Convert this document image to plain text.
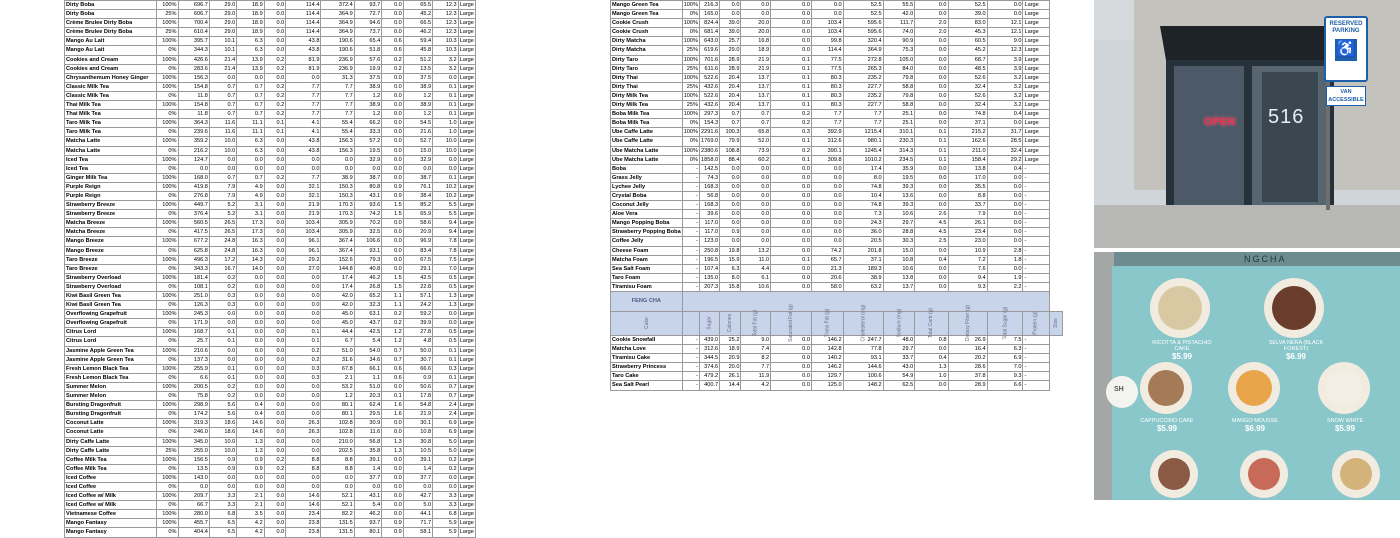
Dirty Boba	100%	696.7	29.0	18.9	0.0	114.4	372.4	93.7	0.0	65.5	12.3	Large
Dirty Boba	25%	606.7	29.0	18.9	0.0	114.4	364.9	72.7	0.0	45.2	12.3	Large
Crème Brulee Dirty Boba	100%	700.4	29.0	18.9	0.0	114.4	364.9	94.6	0.0	66.5	12.3	Large
Crème Brulee Dirty Boba	25%	610.4	29.0	18.9	0.0	114.4	364.9	73.7	0.0	46.2	12.3	Large
Mango Au Lait	100%	395.7	10.1	6.3	0.0	43.8	190.6	65.4	0.6	59.4	10.3	Large
Mango Au Lait	0%	344.3	10.1	6.3	0.0	43.8	190.6	51.8	0.6	45.8	10.3	Large
Cookies and Cream	100%	426.6	21.4	13.9	0.2	81.9	236.9	57.6	0.2	51.2	3.2	Large
Cookies and Cream	0%	283.6	21.4	13.9	0.2	81.9	236.9	19.9	0.2	13.5	3.2	Large
Chrysanthemum Honey Ginger	100%	156.3	0.0	0.0	0.0	0.0	31.3	37.5	0.0	37.5	0.0	Large
Classic Milk Tea	100%	154.8	0.7	0.7	0.2	7.7	7.7	38.9	0.0	38.9	0.1	Large
Classic Milk Tea	0%	11.8	0.7	0.7	0.2	7.7	7.7	1.2	0.0	1.2	0.1	Large
Thai Milk Tea	100%	154.8	0.7	0.7	0.2	7.7	7.7	38.9	0.0	38.9	0.1	Large
Thai Milk Tea	0%	11.8	0.7	0.7	0.2	7.7	7.7	1.2	0.0	1.2	0.1	Large
Taro Milk Tea	100%	364.3	11.6	11.1	0.1	4.1	55.4	66.2	0.0	54.5	1.0	Large
Taro Milk Tea	0%	239.6	11.6	11.1	0.1	4.1	55.4	33.3	0.0	21.6	1.0	Large
Matcha Latte	100%	359.2	10.0	6.3	0.0	43.8	156.3	57.2	0.0	52.7	10.0	Large
Matcha Latte	0%	216.2	10.0	6.3	0.0	43.8	156.3	19.5	0.0	15.0	10.0	Large
Iced Tea	100%	124.7	0.0	0.0	0.0	0.0	0.0	32.9	0.0	32.9	0.0	Large
Iced Tea	0%	0.0	0.0	0.0	0.0	0.0	0.0	0.0	0.0	0.0	0.0	Large
Ginger Milk Tea	100%	168.0	0.7	0.7	0.2	7.7	38.9	38.7	0.0	38.7	0.1	Large
Purple Reign	100%	419.8	7.9	4.9	0.0	32.1	150.3	80.8	0.9	76.1	10.2	Large
Purple Reign	0%	276.8	7.9	4.9	0.0	32.1	150.3	43.1	0.9	38.4	10.2	Large
Strawberry Breeze	100%	449.7	5.2	3.1	0.0	21.9	170.3	93.6	1.5	85.2	5.5	Large
Strawberry Breeze	0%	376.4	5.2	3.1	0.0	21.9	170.3	74.2	1.5	65.9	5.5	Large
Matcha Breeze	100%	560.5	26.5	17.3	0.0	103.4	305.9	70.2	0.0	58.6	9.4	Large
Matcha Breeze	0%	417.5	26.5	17.3	0.0	103.4	305.9	32.5	0.0	20.9	9.4	Large
Mango Breeze	100%	677.2	24.8	16.3	0.0	96.1	367.4	106.6	0.0	96.9	7.8	Large
Mango Breeze	0%	625.8	24.8	16.3	0.0	96.1	367.4	93.1	0.0	83.4	7.8	Large
Taro Breeze	100%	496.3	17.2	14.3	0.0	29.2	152.6	79.3	0.0	67.5	7.5	Large
Taro Breeze	0%	343.3	16.7	14.0	0.0	27.0	144.8	40.8	0.0	29.1	7.0	Large
Strawberry Overload	100%	181.4	0.2	0.0	0.0	0.0	17.4	46.2	1.5	42.5	0.5	Large
Strawberry Overload	0%	108.1	0.2	0.0	0.0	0.0	17.4	26.8	1.5	22.8	0.5	Large
Kiwi Basil Green Tea	100%	251.0	0.3	0.0	0.0	0.0	42.0	65.2	1.1	57.1	1.3	Large
Kiwi Basil Green Tea	0%	126.3	0.3	0.0	0.0	0.0	42.0	32.3	1.1	24.2	1.3	Large
Overflowing Grapefruit	100%	245.3	0.0	0.0	0.0	0.0	45.0	63.1	0.2	59.2	0.0	Large
Overflowing Grapefruit	0%	171.9	0.0	0.0	0.0	0.0	45.0	43.7	0.2	39.9	0.0	Large
Citrus Lord	100%	168.7	0.1	0.0	0.0	0.1	44.4	42.5	1.2	27.8	0.5	Large
Citrus Lord	0%	25.7	0.1	0.0	0.0	0.1	6.7	5.4	1.2	4.8	0.5	Large
Jasmine Apple Green Tea	100%	210.6	0.0	0.0	0.0	0.2	51.0	54.0	0.7	50.0	0.1	Large
Jasmine Apple Green Tea	0%	137.3	0.0	0.0	0.0	0.2	31.6	34.6	0.7	30.7	0.1	Large
Fresh Lemon Black Tea	100%	255.9	0.1	0.0	0.0	0.3	67.8	66.1	0.6	66.6	0.3	Large
Fresh Lemon Black Tea	0%	6.6	0.1	0.0	0.0	0.3	2.1	1.1	0.6	0.9	0.1	Large
Summer Melon	100%	200.5	0.2	0.0	0.0	0.0	53.2	51.0	0.0	50.6	0.7	Large
Summer Melon	0%	75.8	0.2	0.0	0.0	0.0	1.2	20.3	0.1	17.8	0.7	Large
Bursting Dragonfruit	100%	298.9	5.6	0.4	0.0	0.0	80.1	62.4	1.6	54.8	2.4	Large
Bursting Dragonfruit	0%	174.2	5.6	0.4	0.0	0.0	80.1	29.5	1.6	21.9	2.4	Large
Coconut Latte	100%	319.3	18.6	14.6	0.0	26.3	102.8	30.9	0.0	30.1	6.9	Large
Coconut Latte	0%	246.0	18.6	14.6	0.0	26.3	102.8	11.6	0.0	10.8	6.9	Large
Dirty Caffe Latte	100%	345.0	10.0	1.3	0.0	0.0	210.0	56.8	1.3	30.8	5.0	Large
Dirty Caffe Latte	25%	255.0	10.0	1.3	0.0	0.0	202.5	35.8	1.3	10.5	5.0	Large
Coffee Milk Tea	100%	156.5	0.9	0.9	0.2	8.8	8.8	39.1	0.0	39.1	0.2	Large
Coffee Milk Tea	0%	13.5	0.9	0.9	0.2	8.8	8.8	1.4	0.0	1.4	0.2	Large
Iced Coffee	100%	143.0	0.0	0.0	0.0	0.0	0.0	37.7	0.0	37.7	0.0	Large
Iced Coffee	0%	0.0	0.0	0.0	0.0	0.0	0.0	0.0	0.0	0.0	0.0	Large
Iced Coffee w/ Milk	100%	209.7	3.3	2.1	0.0	14.6	52.1	43.1	0.0	42.7	3.3	Large
Iced Coffee w/ Milk	0%	66.7	3.3	2.1	0.0	14.6	52.1	5.4	0.0	5.0	3.3	Large
Vietnamese Coffee	100%	280.0	6.8	3.5	0.0	23.4	82.2	46.2	0.0	44.1	6.8	Large
Mango Fantasy	100%	455.7	6.5	4.2	0.0	23.8	131.5	93.7	0.9	71.7	5.9	Large
Mango Fantasy	0%	404.4	6.5	4.2	0.0	23.8	131.5	80.1	0.9	58.1	5.9	Large
Mango Green Tea	100%	216.3	0.0	0.0	0.0	0.0	52.5	55.5	0.0	52.5	0.0	Large	
Mango Green Tea	0%	165.0	0.0	0.0	0.0	0.0	52.5	42.0	0.0	39.0	0.0	Large	
Cookie Crush	100%	824.4	39.0	20.0	0.0	103.4	595.6	111.7	2.0	83.0	12.1	Large	
Cookie Crush	0%	681.4	39.0	20.0	0.0	103.4	595.6	74.0	2.0	45.3	12.1	Large	
Dirty Matcha	100%	643.0	25.7	16.8	0.0	99.8	320.4	90.9	0.0	60.5	9.0	Large	
Dirty Matcha	25%	619.6	29.0	18.9	0.0	114.4	364.9	75.3	0.0	45.2	12.3	Large	
Dirty Taro	100%	701.6	28.9	21.9	0.1	77.5	272.8	105.0	0.0	68.7	3.9	Large	
Dirty Taro	25%	611.6	28.9	21.9	0.1	77.5	265.3	84.0	0.0	48.5	3.9	Large	
Dirty Thai	100%	522.6	20.4	13.7	0.1	80.3	235.2	79.8	0.0	52.6	3.2	Large	
Dirty Thai	25%	432.6	20.4	13.7	0.1	80.3	227.7	58.8	0.0	32.4	3.2	Large	
Dirty Milk Tea	100%	522.6	20.4	13.7	0.1	80.3	235.2	79.8	0.0	52.6	3.2	Large	
Dirty Milk Tea	25%	432.6	20.4	13.7	0.1	80.3	227.7	58.8	0.0	32.4	3.2	Large	
Boba Milk Tea	100%	297.3	0.7	0.7	0.2	7.7	7.7	25.1	0.0	74.8	0.4	Large	
Boba Milk Tea	0%	154.3	0.7	0.7	0.2	7.7	7.7	25.1	0.0	37.1	0.0	Large	
Ube Caffe Latte	100%	2291.6	100.3	65.8	0.3	392.9	1215.4	310.1	0.1	215.2	31.7	Large	
Ube Caffe Latte	0%	1769.0	79.9	52.0	0.1	312.6	980.1	230.3	0.1	162.6	28.5	Large	
Ube Matcha Latte	100%	2380.6	108.8	73.9	0.2	390.1	1245.4	314.3	0.1	211.0	32.4	Large	
Ube Matcha Latte	0%	1858.0	88.4	60.2	0.1	309.8	1010.2	234.5	0.1	158.4	29.2	Large	
Boba	-	142.5	0.0	0.0	0.0	0.0	17.4	35.9	0.0	13.8	0.4	-	
Grass Jelly	-	74.3	0.0	0.0	0.0	0.0	8.0	19.5	0.0	17.0	0.0	-	
Lychee Jelly	-	168.3	0.0	0.0	0.0	0.0	74.8	39.3	0.0	35.5	0.0	-	
Crystal Boba	-	56.8	0.0	0.0	0.0	0.0	10.4	13.6	0.0	8.8	0.0	-	
Coconut Jelly	-	168.3	0.0	0.0	0.0	0.0	74.8	39.3	0.0	33.7	0.0	-	
Aloe Vera	-	39.6	0.0	0.0	0.0	0.0	7.3	10.6	2.6	7.9	0.0	-	
Mango Popping Boba	-	117.0	0.0	0.0	0.0	0.0	24.3	29.7	4.5	26.1	0.0	-	
Strawberry Popping Boba	-	117.0	0.9	0.0	0.0	0.0	36.0	28.8	4.5	23.4	0.0	-	
Coffee Jelly	-	123.0	0.0	0.0	0.0	0.0	20.5	30.3	2.5	23.0	0.0	-	
Cheese Foam	-	250.8	19.8	13.2	0.0	74.2	201.8	15.0	0.0	10.9	2.8	-	
Matcha Foam	-	196.5	15.9	11.0	0.1	65.7	37.1	10.8	0.4	7.2	1.8	-	
Sea Salt Foam	-	107.4	6.3	4.4	0.0	21.3	189.3	10.6	0.0	7.6	0.0	-	
Taro Foam	-	135.0	8.0	6.1	0.0	20.6	38.9	13.8	0.0	9.4	1.9	-	
Tiramisu Foam	-	207.3	15.8	10.6	0.0	58.0	63.2	13.7	0.0	9.3	2.2	-	
FENG CHA													
Cake		Sugar	Calories	Total Fat (g)	Saturated Fat (g)	Trans Fat (g)	Cholesterol (mg)	Sodium (mg)	Total Carb (g)	Dietary Fiber (g)	Total Sugar (g)	Protein (g)	Size
Cookie Snowfall	-	439.0	25.2	9.0	0.0	146.2	247.7	48.0	0.8	26.9	7.5	-	
Matcha Love	-	312.6	18.9	7.4	0.0	142.8	77.8	29.7	0.0	16.4	6.3	-	
Tiramisu Cake	-	344.5	20.9	8.2	0.0	140.2	93.1	33.7	0.4	20.2	6.9	-	
Strawberry Princess	-	374.6	20.0	7.7	0.0	146.2	144.6	43.0	1.3	28.6	7.0	-	
Taro Cake	-	479.2	26.1	11.9	0.0	129.7	100.6	54.9	1.0	37.8	9.3	-	
Sea Salt Pearl	-	400.7	14.4	4.2	0.0	125.0	148.2	62.5	0.0	28.9	6.6	-	
RESERVED PARKING
♿
VAN ACCESSIBLE
OPEN 516
NGCHA
SH
RICOTTA & PISTACHIO CAKE
$5.99
SELVA NERA (BLACK FOREST)
$6.99
CAPPUCCINO CAKE
$5.99
MANGO MOUSSE
$6.99
SNOW WHITE
$5.99
